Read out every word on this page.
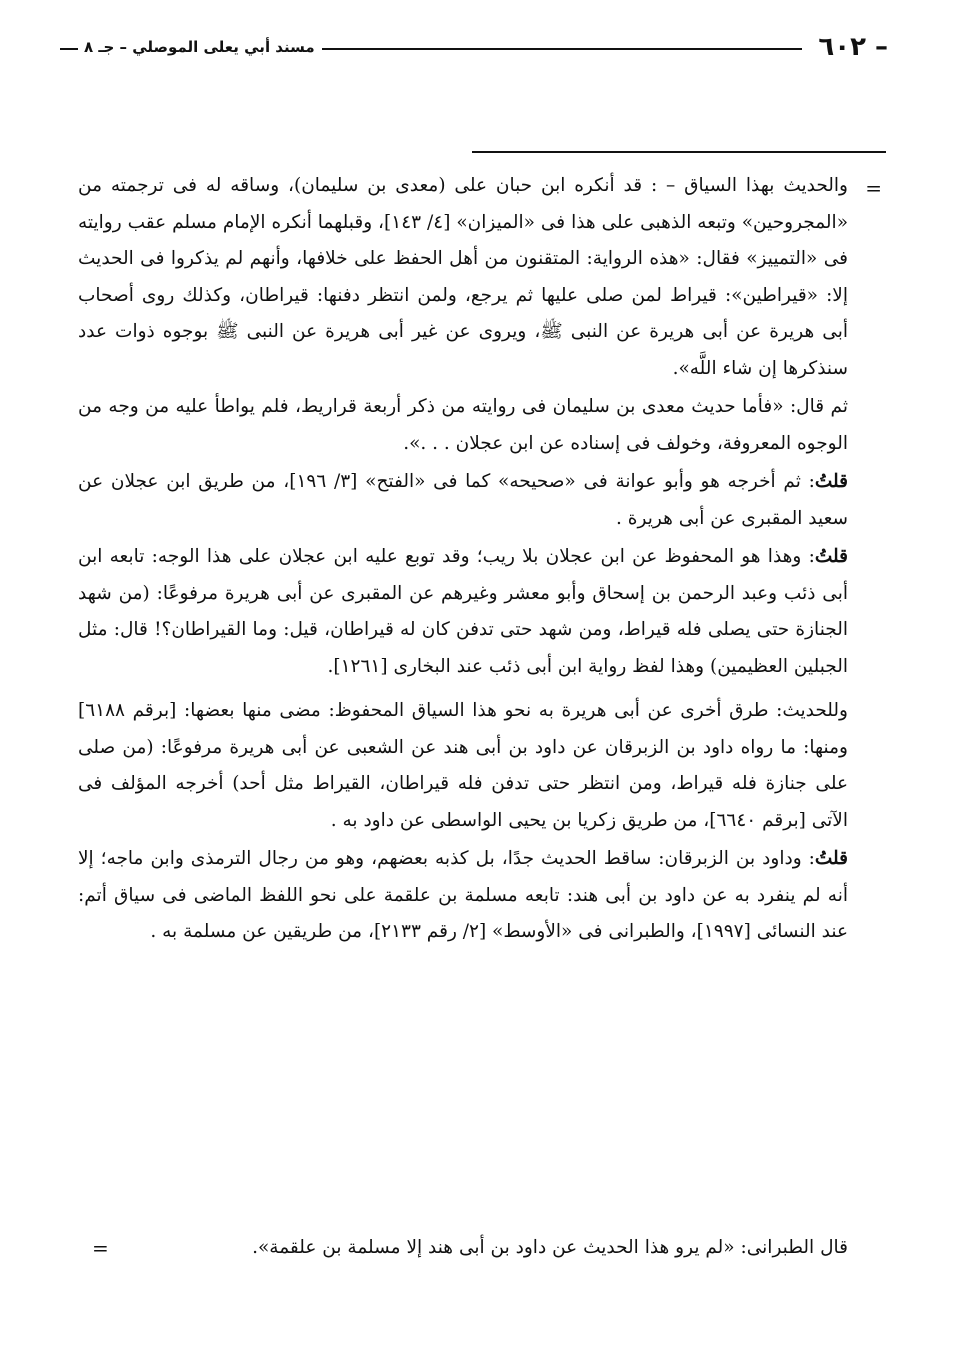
– ٦٠٢
مسند أبي يعلى الموصلي – جـ ٨
=

والحديث بهذا السياق – : قد أنكره ابن حبان على (معدى بن سليمان)، وساقه له فى ترجمته من «المجروحين» وتبعه الذهبى على هذا فى «الميزان» [٤/ ١٤٣]، وقبلهما أنكره الإمام مسلم عقب روايته فى «التمييز» فقال: «هذه الرواية: المتقنون من أهل الحفظ على خلافها، وأنهم لم يذكروا فى الحديث إلا: «قيراطين»: قيراط لمن صلى عليها ثم يرجع، ولمن انتظر دفنها: قيراطان، وكذلك روى أصحاب أبى هريرة عن أبى هريرة عن النبى ﷺ، ويروى عن غير أبى هريرة عن النبى ﷺ بوجوه ذوات عدد سنذكرها إن شاء اللَّه».

ثم قال: «فأما حديث معدى بن سليمان فى روايته من ذكر أربعة قراريط، فلم يواطأ عليه من وجه من الوجوه المعروفة، وخولف فى إسناده عن ابن عجلان . . .».

قلتُ: ثم أخرجه هو وأبو عوانة فى «صحيحه» كما فى «الفتح» [٣/ ١٩٦]، من طريق ابن عجلان عن سعيد المقبرى عن أبى هريرة .

قلتُ: وهذا هو المحفوظ عن ابن عجلان بلا ريب؛ وقد توبع عليه ابن عجلان على هذا الوجه: تابعه ابن أبى ذئب وعبد الرحمن بن إسحاق وأبو معشر وغيرهم عن المقبرى عن أبى هريرة مرفوعًا: (من شهد الجنازة حتى يصلى فله قيراط، ومن شهد حتى تدفن كان له قيراطان، قيل: وما القيراطان؟! قال: مثل الجبلين العظيمين) وهذا لفظ رواية ابن أبى ذئب عند البخارى [١٢٦١].

وللحديث: طرق أخرى عن أبى هريرة به نحو هذا السياق المحفوظ: مضى منها بعضها: [برقم ٦١٨٨] ومنها: ما رواه داود بن الزبرقان عن داود بن أبى هند عن الشعبى عن أبى هريرة مرفوعًا: (من صلى على جنازة فله قيراط، ومن انتظر حتى تدفن فله قيراطان، القيراط مثل أحد) أخرجه المؤلف فى الآتى [برقم ٦٦٤٠]، من طريق زكريا بن يحيى الواسطى عن داود به .

قلتُ: وداود بن الزبرقان: ساقط الحديث جدًا، بل كذبه بعضهم، وهو من رجال الترمذى وابن ماجه؛ إلا أنه لم ينفرد به عن داود بن أبى هند: تابعه مسلمة بن علقمة على نحو اللفظ الماضى فى سياق أتم: عند النسائى [١٩٩٧]، والطبرانى فى «الأوسط» [٢/ رقم ٢١٣٣]، من طريقين عن مسلمة به .

قال الطبرانى: «لم يرو هذا الحديث عن داود بن أبى هند إلا مسلمة بن علقمة».
=
